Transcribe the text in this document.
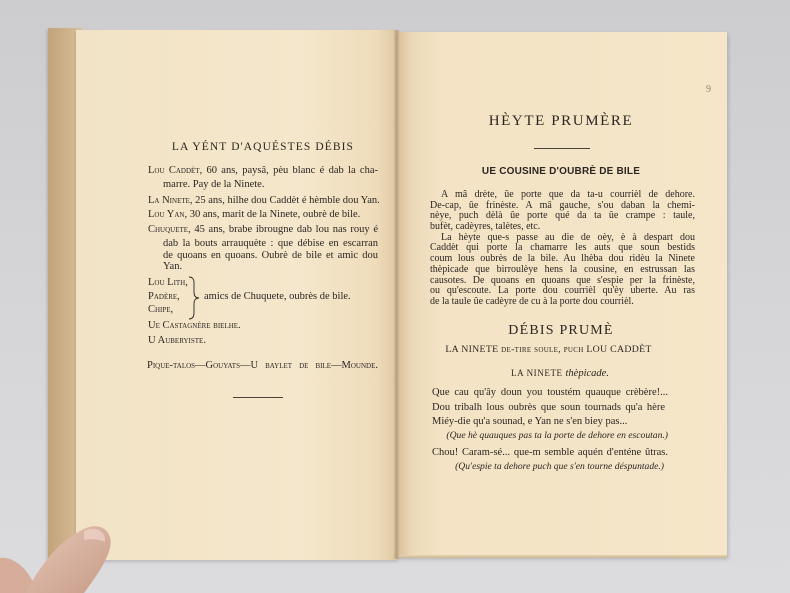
LA YÉNT D'AQUÉSTES DÉBIS
Lou Caddèt, 60 ans, paysâ, pèu blanc é dab la cha-
marre. Pay de la Ninete.
La Ninete, 25 ans, hilhe dou Caddèt é hèmble dou Yan.
Lou Yan, 30 ans, marit de la Ninete, oubrè de bile.
Chuquete, 45 ans, brabe ibrougne dab lou nas rouy é
dab la bouts arrauquète : que débise en escarran
de quoans en quoans. Oubrè de bile et amic dou
Yan.
Lou Lith,
Padère,
Chipe,
amics de Chuquete, oubrès de bile.
Ue Castagnère bielhe.
U Auberyiste.
Pique-talos—Gouyats—U baylet de bile—Mounde.
9
HÈYTE PRUMÈRE
UE COUSINE D'OUBRÈ DE BILE
A mâ drète, ûe porte que da ta-u courrièl de dehore.
De-cap, ûe frinèste. A mâ gauche, s'ou daban la chemi-
nèye, puch dèlà ûe porte qué da ta ûe crampe : taule,
bufèt, cadèyres, talètes, etc.
La hèyte que-s passe au die de oèy, è à despart dou
Caddèt qui porte la chamarre les auts que soun bestids
coum lous oubrès de la bile. Au lhèba dou ridèu la Ninete
thèpicade que birroulèye hens la cousine, en estrussan las
causotes. De quoans en quoans que s'espie per la frinèste,
ou qu'escoute. La porte dou courrièl qu'èy uberte. Au ras
de la taule ûe cadèyre de cu à la porte dou courrièl.
DÉBIS PRUMÈ
LA NINETE de-tire soule, puch LOU CADDÈT
LA NINETE thèpicade.
Que cau qu'ây doun you toustém quauque crèbère!...
Dou tribalh lous oubrès que soun tournads qu'a hère
Miéy-die qu'a sounad, e Yan ne s'en biey pas...
(Que hè quauques pas ta la porte de dehore en escoutan.)
Chou! Caram-sé... que-m semble aquén d'enténe ûtras.
(Qu'espie ta dehore puch que s'en tourne déspuntade.)
